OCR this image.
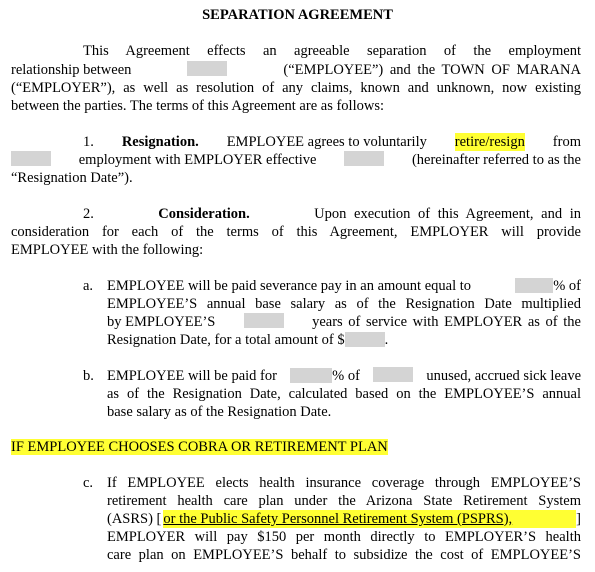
SEPARATION AGREEMENT
This Agreement effects an agreeable separation of the employment
relationship between	(“EMPLOYEE”) and the TOWN OF MARANA
(“EMPLOYER”), as well as resolution of any claims, known and unknown, now existing
between the parties. The terms of this Agreement are as follows:
1. Resignation. EMPLOYEE agrees to voluntarily retire/resign from
employment with EMPLOYER effective	(hereinafter referred to as the
“Resignation Date”).
2.	Consideration.	Upon execution of this Agreement, and in
consideration for each of the terms of this Agreement, EMPLOYER will provide
EMPLOYEE with the following:
a. EMPLOYEE will be paid severance pay in an amount equal to	% of
EMPLOYEE’S annual base salary as of the Resignation Date multiplied
by EMPLOYEE’S	years of service with EMPLOYER as of the
Resignation Date, for a total amount of $	.
b. EMPLOYEE will be paid for	% of	unused, accrued sick leave
as of the Resignation Date, calculated based on the EMPLOYEE’S annual
base salary as of the Resignation Date.
IF EMPLOYEE CHOOSES COBRA OR RETIREMENT PLAN
c. If EMPLOYEE elects health insurance coverage through EMPLOYEE’S
retirement health care plan under the Arizona State Retirement System
(ASRS) [ or the Public Safety Personnel Retirement System (PSPRS),	]
EMPLOYER will pay $150 per month directly to EMPLOYER’S health
care plan on EMPLOYEE’S behalf to subsidize the cost of EMPLOYEE’S
